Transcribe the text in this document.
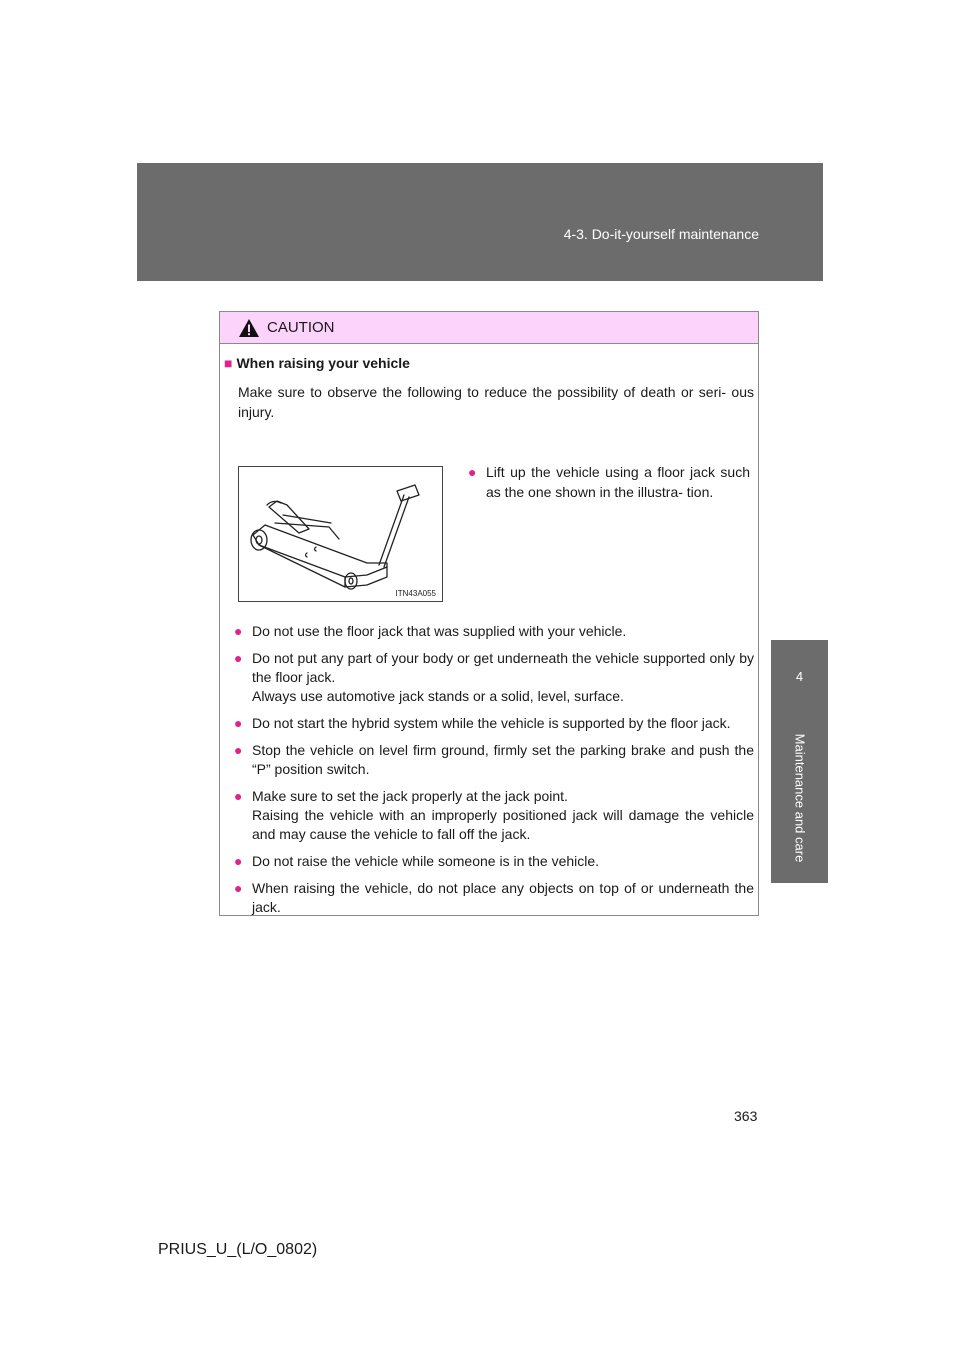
4-3. Do-it-yourself maintenance
4
Maintenance and care
CAUTION
■ When raising your vehicle
Make sure to observe the following to reduce the possibility of death or seri- ous injury.
ITN43A055
● Lift up the vehicle using a floor jack such as the one shown in the illustra- tion.
● Do not use the floor jack that was supplied with your vehicle.
● Do not put any part of your body or get underneath the vehicle supported only by the floor jack.
Always use automotive jack stands or a solid, level, surface.
● Do not start the hybrid system while the vehicle is supported by the floor jack.
● Stop the vehicle on level firm ground, firmly set the parking brake and push the “P” position switch.
● Make sure to set the jack properly at the jack point.
Raising the vehicle with an improperly positioned jack will damage the vehicle and may cause the vehicle to fall off the jack.
● Do not raise the vehicle while someone is in the vehicle.
● When raising the vehicle, do not place any objects on top of or underneath the jack.
363
PRIUS_U_(L/O_0802)
